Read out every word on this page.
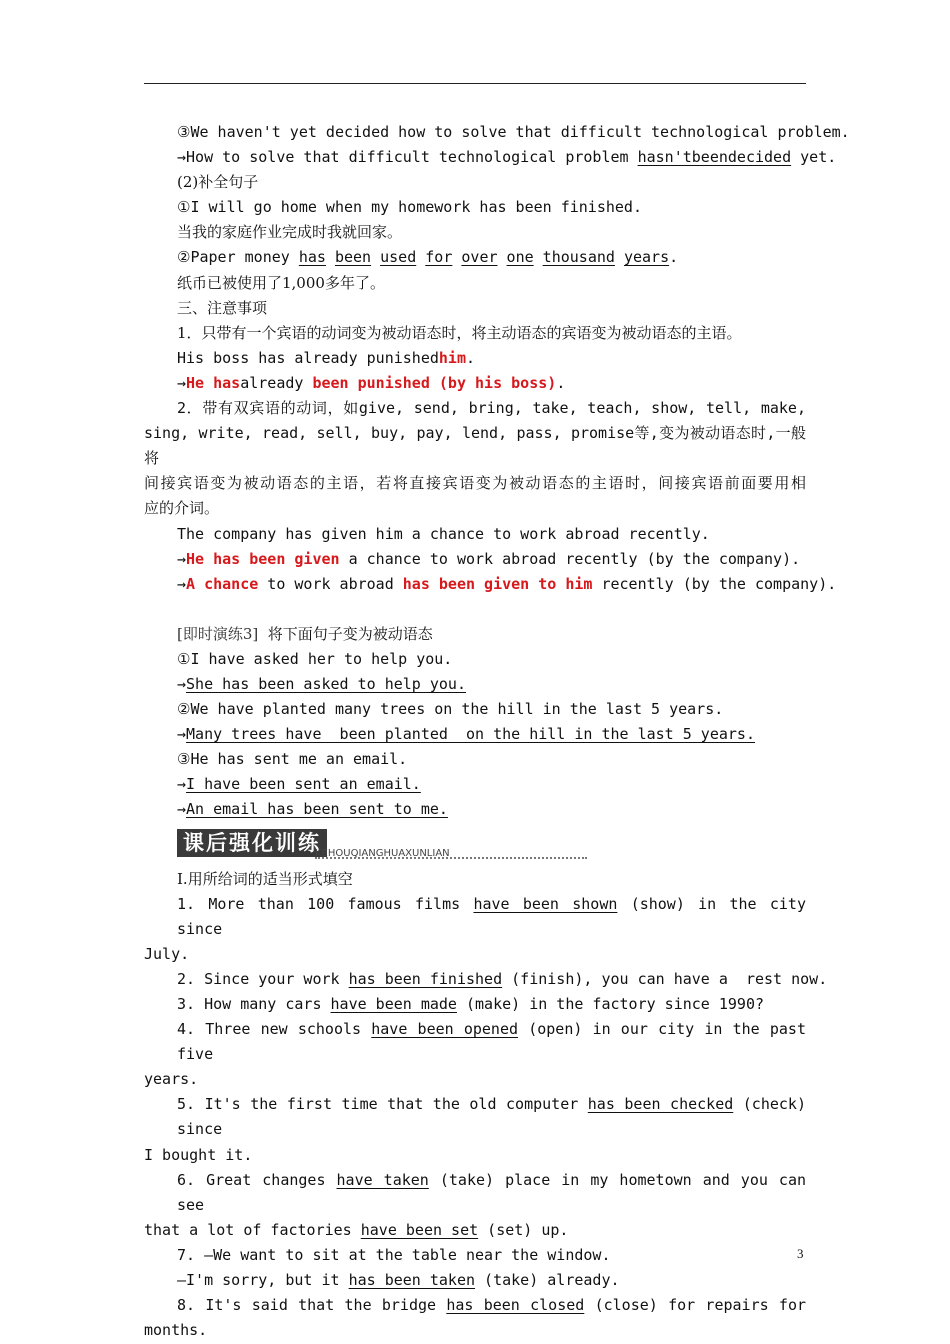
③We haven't yet decided how to solve that difficult technological problem.
→How to solve that difficult technological problem hasn'tbeendecided yet.
(2)补全句子
①I will go home when my homework has been finished.
当我的家庭作业完成时我就回家。
②Paper money has been used for over one thousand years.
纸币已被使用了1,000多年了。
三、注意事项
1．只带有一个宾语的动词变为被动语态时，将主动语态的宾语变为被动语态的主语。
His boss has already punishedhim.
→He hasalready been punished (by his boss).
2．带有双宾语的动词，如give, send, bring, take, teach, show, tell, make,
sing, write, read, sell, buy, pay, lend, pass, promise等,变为被动语态时,一般将
间接宾语变为被动语态的主语，若将直接宾语变为被动语态的主语时，间接宾语前面要用相
应的介词。
The company has given him a chance to work abroad recently.
→He has been given a chance to work abroad recently (by the company).
→A chance to work abroad has been given to him recently (by the company).
[即时演练3]  将下面句子变为被动语态
①I have asked her to help you.
→She has been asked to help you.
②We have planted many trees on the hill in the last 5 years.
→Many trees have  been planted  on the hill in the last 5 years.
③He has sent me an email.
→I have been sent an email.
→An email has been sent to me.
课后强化训练
KEHOUQIANGHUAXUNLIAN
Ⅰ.用所给词的适当形式填空
1. More than 100 famous films have been shown (show) in the city since
July.
2. Since your work has been finished (finish), you can have a  rest now.
3. How many cars have been made (make) in the factory since 1990?
4. Three new schools have been opened (open) in our city in the past five
years.
5. It's the first time that the old computer has been checked (check) since
I bought it.
6. Great changes have taken (take) place in my hometown and you can see
that a lot of factories have been set (set) up.
7. —We want to sit at the table near the window.
—I'm sorry, but it has been taken (take) already.
8. It's said that the bridge has been closed (close) for repairs for
months.
3
